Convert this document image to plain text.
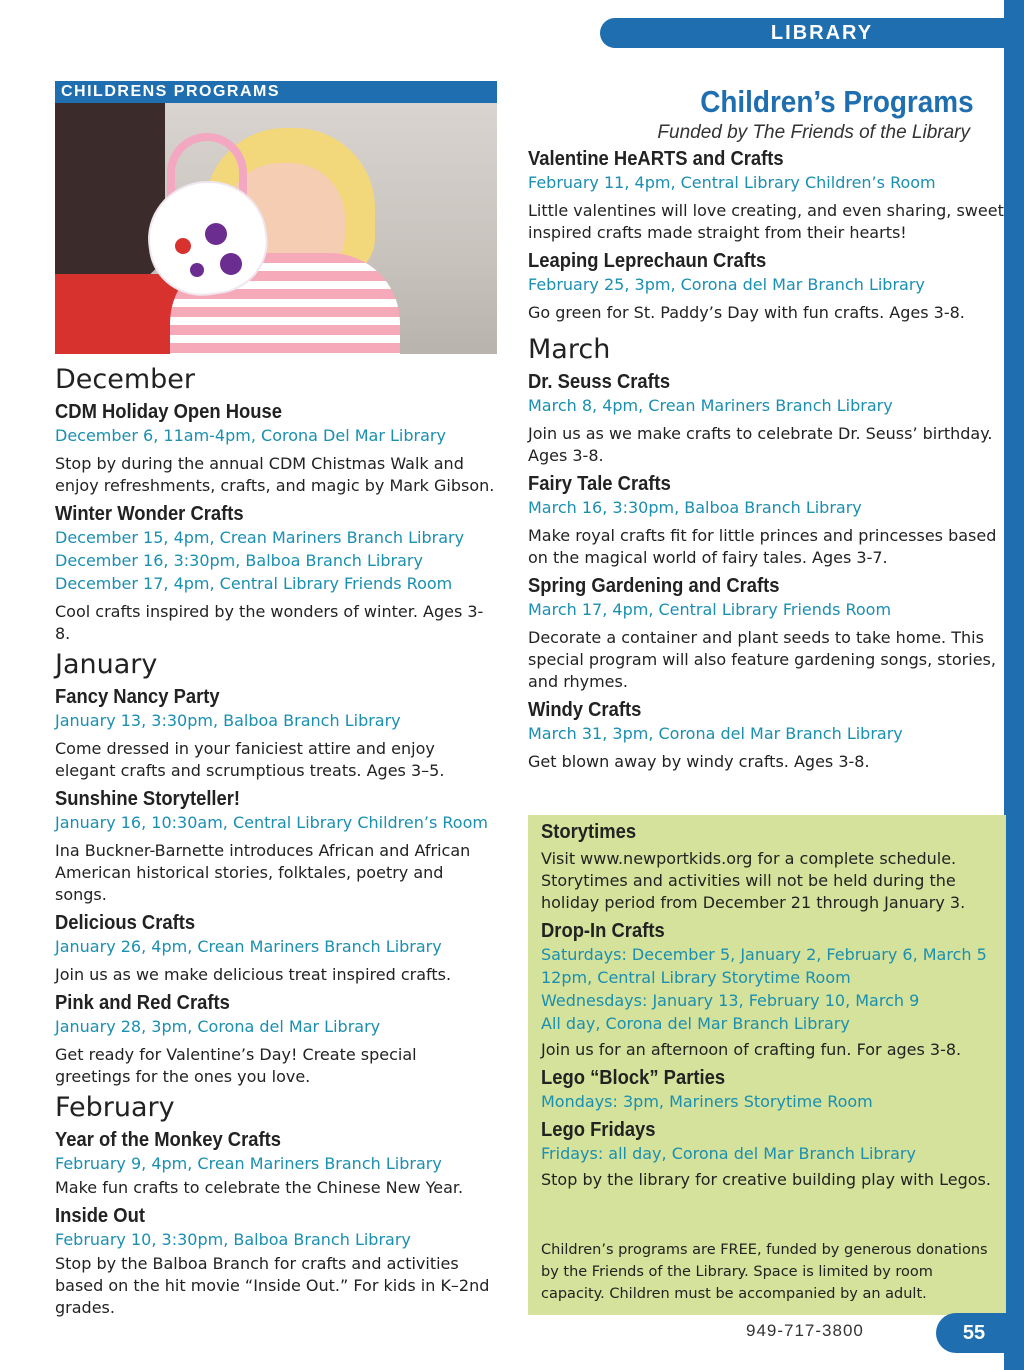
LIBRARY
CHILDRENS PROGRAMS
December
CDM Holiday Open House
December 6, 11am-4pm, Corona Del Mar Library
Stop by during the annual CDM Chistmas Walk and enjoy refreshments, crafts, and magic by Mark Gibson.
Winter Wonder Crafts
December 15, 4pm, Crean Mariners Branch Library
December 16, 3:30pm, Balboa Branch Library
December 17, 4pm, Central Library Friends Room
Cool crafts inspired by the wonders of winter. Ages 3-8.
January
Fancy Nancy Party
January 13, 3:30pm, Balboa Branch Library
Come dressed in your faniciest attire and enjoy elegant crafts and scrumptious treats. Ages 3–5.
Sunshine Storyteller!
January 16, 10:30am, Central Library Children’s Room
Ina Buckner-Barnette introduces African and African American historical stories, folktales, poetry and songs.
Delicious Crafts
January 26, 4pm, Crean Mariners Branch Library
Join us as we make delicious treat inspired crafts.
Pink and Red Crafts
January 28, 3pm, Corona del Mar Library
Get ready for Valentine’s Day! Create special greetings for the ones you love.
February
Year of the Monkey Crafts
February 9, 4pm, Crean Mariners Branch Library
Make fun crafts to celebrate the Chinese New Year.
Inside Out
February 10, 3:30pm, Balboa Branch Library
Stop by the Balboa Branch for crafts and activities based on the hit movie “Inside Out.” For kids in K–2nd grades.
Children’s Programs
Funded by The Friends of the Library
Valentine HeARTS and Crafts
February 11, 4pm, Central Library Children’s Room
Little valentines will love creating, and even sharing, sweet inspired crafts made straight from their hearts!
Leaping Leprechaun Crafts
February 25, 3pm, Corona del Mar Branch Library
Go green for St. Paddy’s Day with fun crafts. Ages 3-8.
March
Dr. Seuss Crafts
March 8, 4pm, Crean Mariners Branch Library
Join us as we make crafts to celebrate Dr. Seuss’ birthday. Ages 3-8.
Fairy Tale Crafts
March 16, 3:30pm, Balboa Branch Library
Make royal crafts fit for little princes and princesses based on the magical world of fairy tales. Ages 3-7.
Spring Gardening and Crafts
March 17, 4pm, Central Library Friends Room
Decorate a container and plant seeds to take home. This special program will also feature gardening songs, stories, and rhymes.
Windy Crafts
March 31, 3pm, Corona del Mar Branch Library
Get blown away by windy crafts. Ages 3-8.
Storytimes
Visit www.newportkids.org for a complete schedule. Storytimes and activities will not be held during the holiday period from December 21 through January 3.
Drop-In Crafts
Saturdays: December 5, January 2, February 6, March 5
12pm, Central Library Storytime Room
Wednesdays: January 13, February 10, March 9
All day, Corona del Mar Branch Library
Join us for an afternoon of crafting fun. For ages 3-8.
Lego “Block” Parties
Mondays: 3pm, Mariners Storytime Room
Lego Fridays
Fridays: all day, Corona del Mar Branch Library
Stop by the library for creative building play with Legos.
Children’s programs are FREE, funded by generous donations by the Friends of the Library. Space is limited by room capacity. Children must be accompanied by an adult.
949-717-3800	55
